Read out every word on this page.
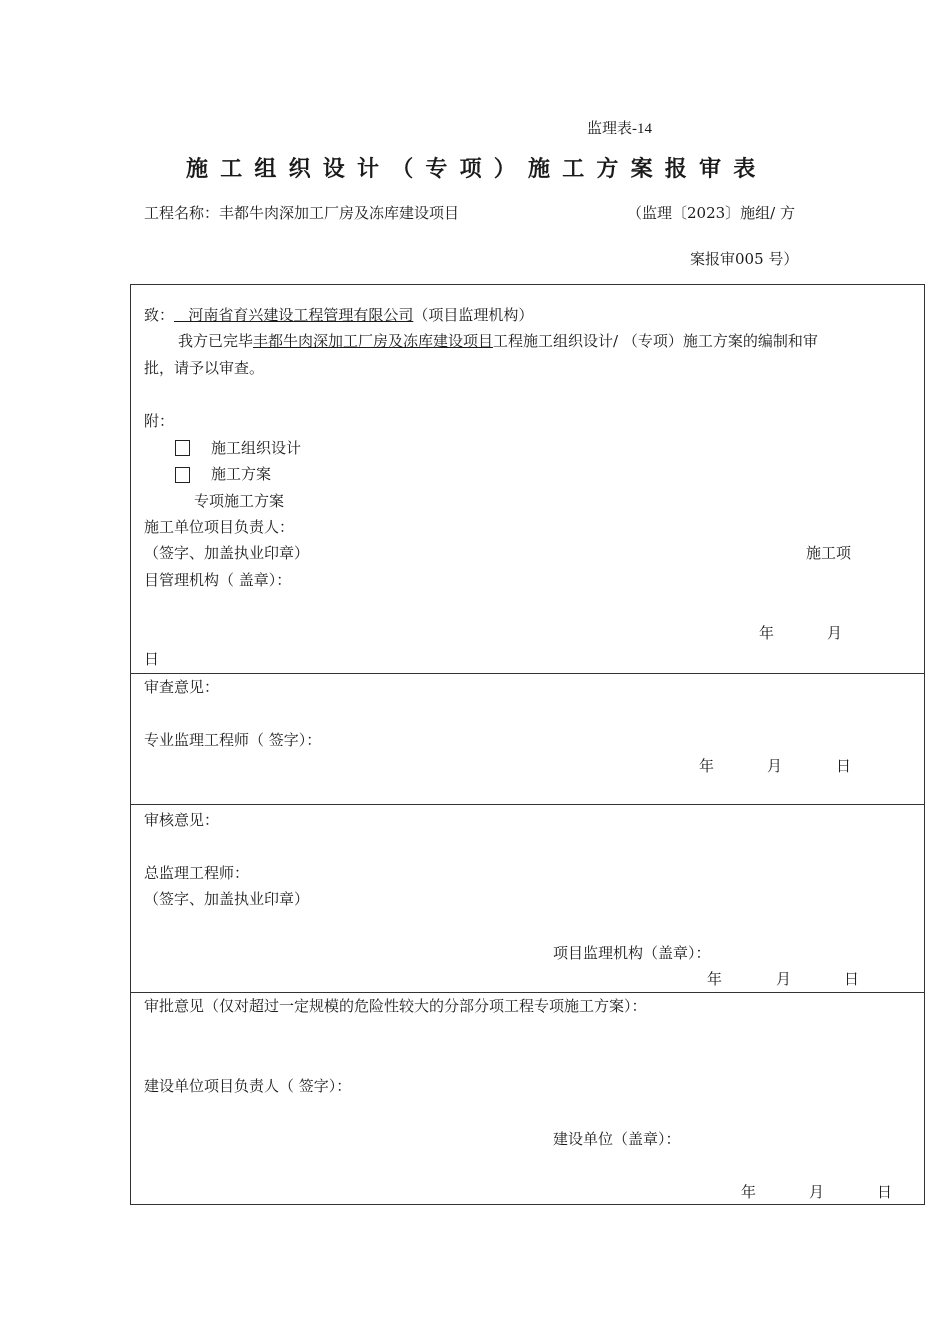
监理表-14
施工组织设计（专项）施工方案报审表
工程名称：丰都牛肉深加工厂房及冻库建设项目	（监理〔2023〕施组/ 方
案报审005 号）
致：   河南省育兴建设工程管理有限公司（项目监理机构）
我方已完毕丰都牛肉深加工厂房及冻库建设项目工程施工组织设计/ （专项）施工方案的编制和审
批，请予以审查。
附：
施工组织设计
施工方案
专项施工方案
施工单位项目负责人：
（签字、加盖执业印章）	施工项
目管理机构（ 盖章）：
年	月
日
审查意见：
专业监理工程师（ 签字）：
年	月	日
审核意见：
总监理工程师：
（签字、加盖执业印章）
项目监理机构（盖章）：
年	月	日
审批意见（仅对超过一定规模的危险性较大的分部分项工程专项施工方案）：
建设单位项目负责人（ 签字）：
建设单位（盖章）：
年	月	日
